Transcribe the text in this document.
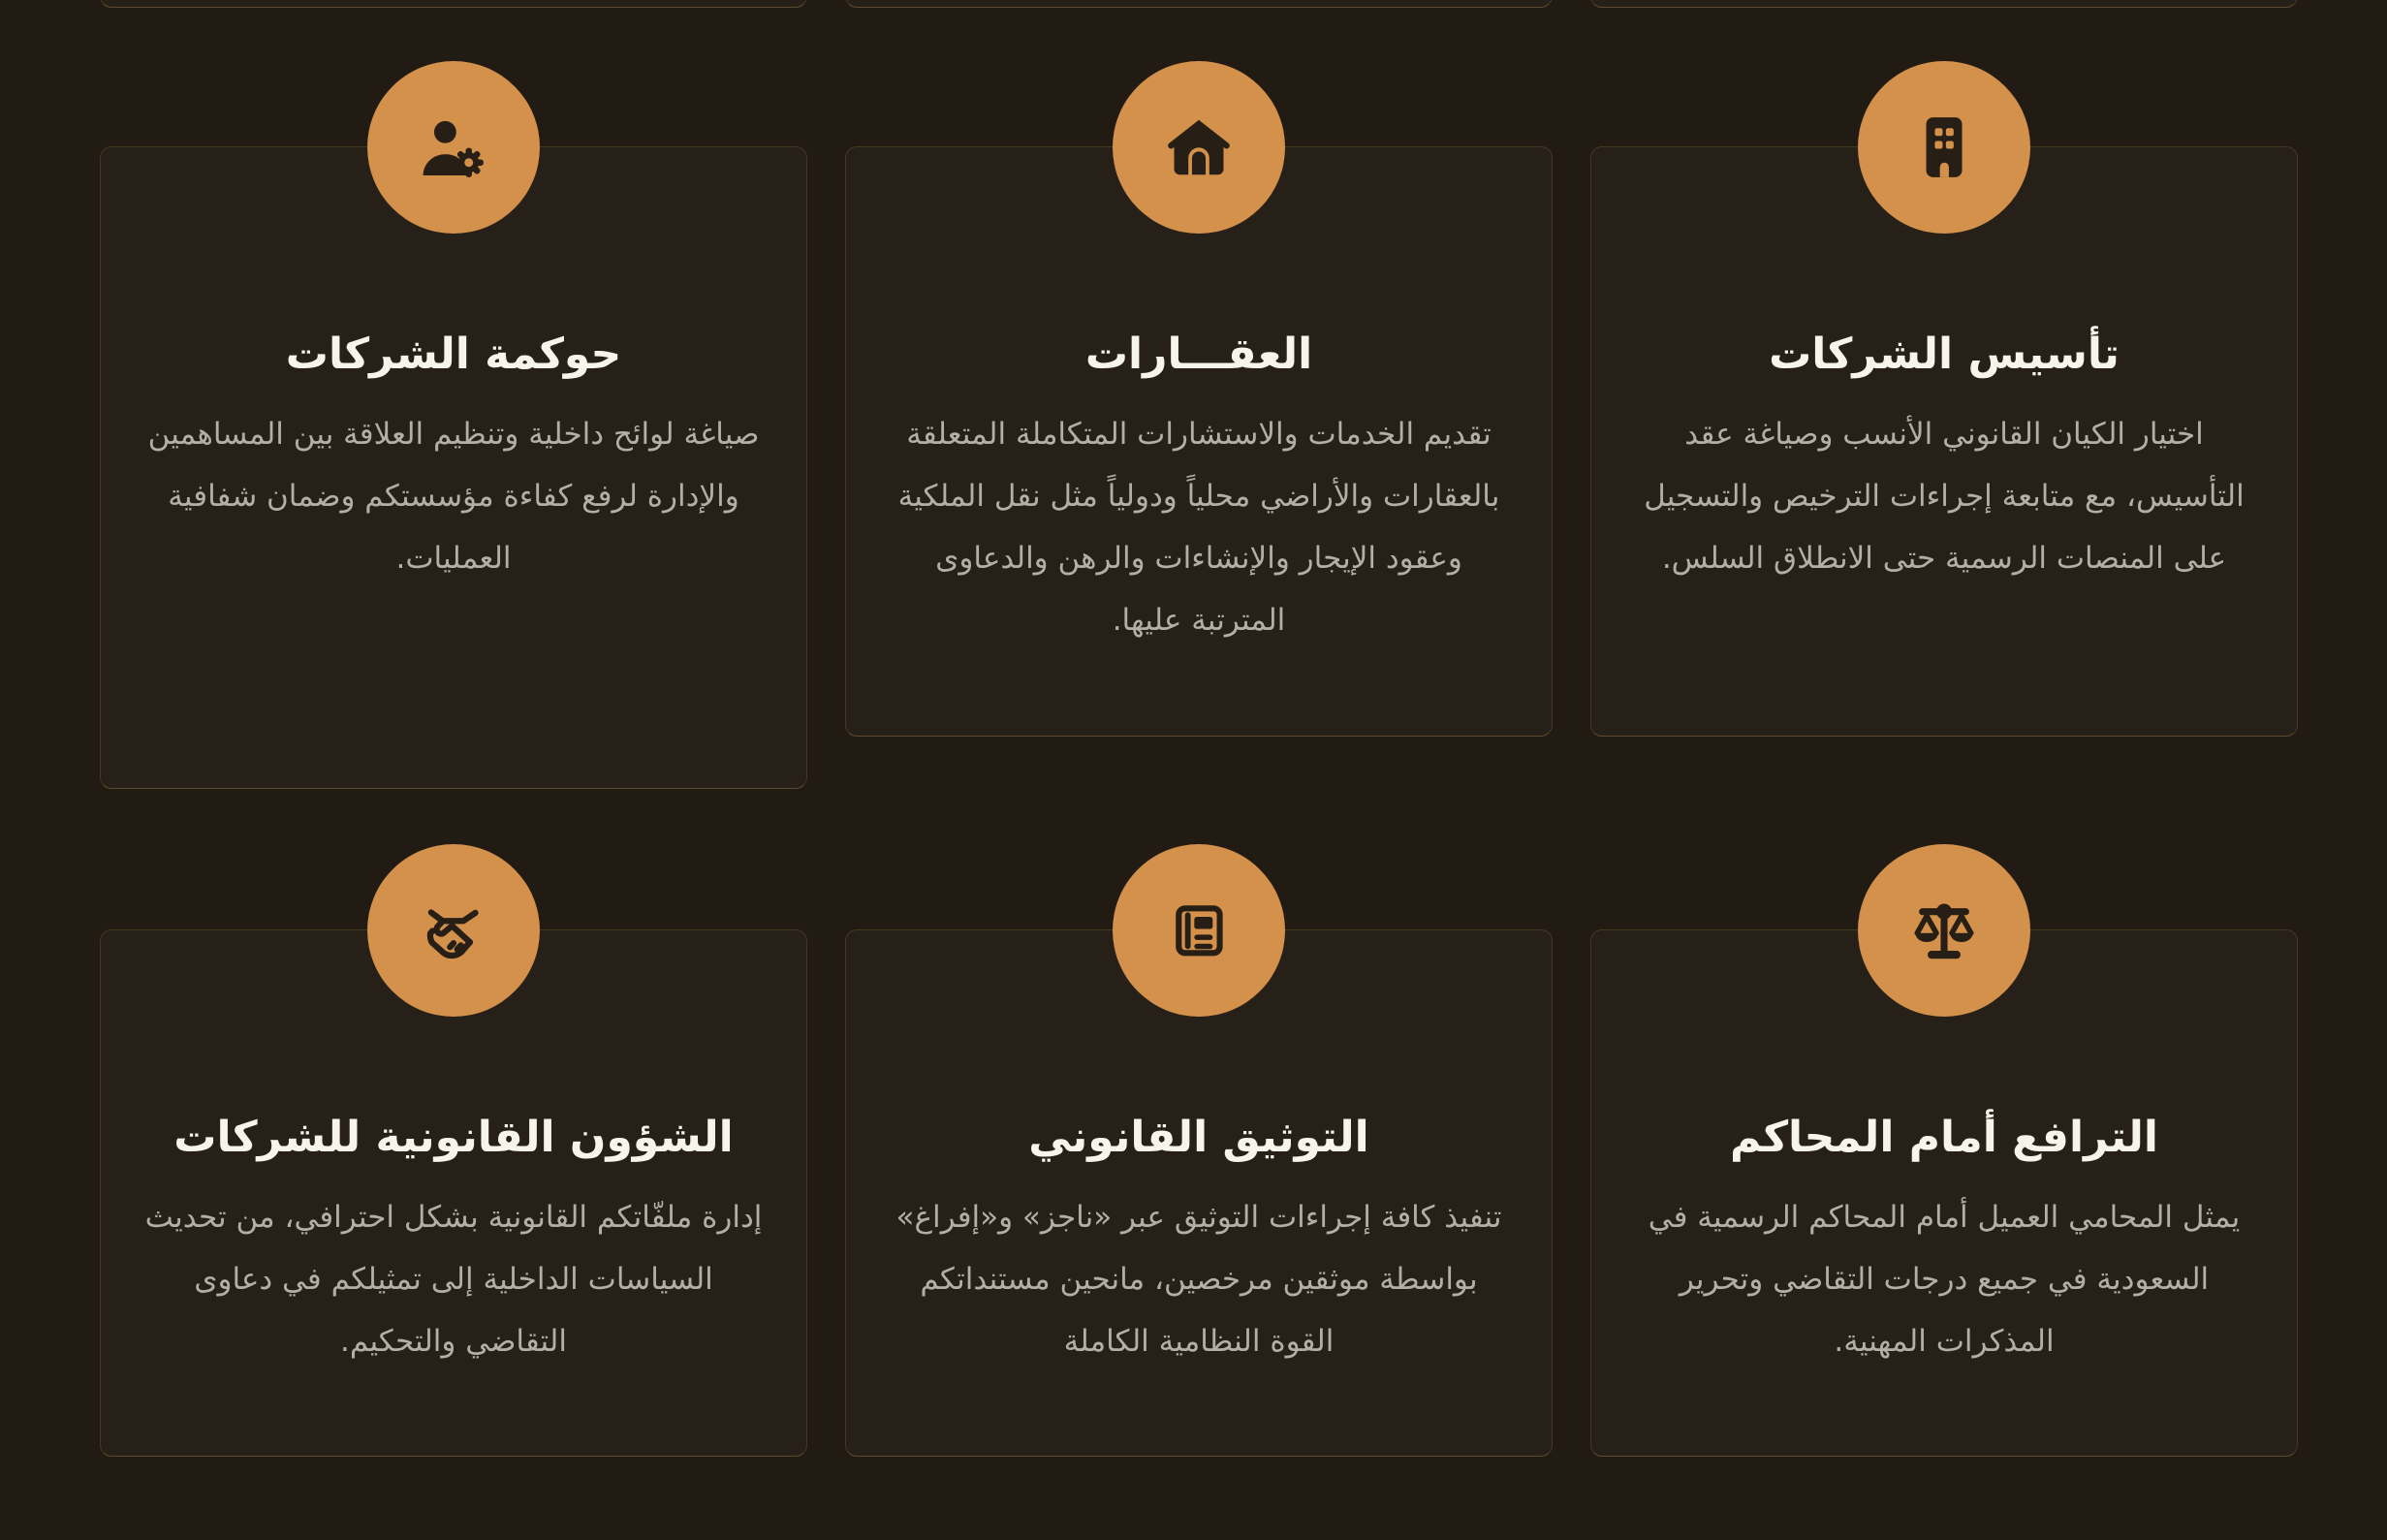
تأسيس الشركات

اختيار الكيان القانوني الأنسب وصياغة عقد التأسيس، مع متابعة إجراءات الترخيص والتسجيل على المنصات الرسمية حتى الانطلاق السلس.

العقـــارات

تقديم الخدمات والاستشارات المتكاملة المتعلقة بالعقارات والأراضي محلياً ودولياً مثل نقل الملكية وعقود الإيجار والإنشاءات والرهن والدعاوى المترتبة عليها.

حوكمة الشركات

صياغة لوائح داخلية وتنظيم العلاقة بين المساهمين والإدارة لرفع كفاءة مؤسستكم وضمان شفافية العمليات.

الترافع أمام المحاكم

يمثل المحامي العميل أمام المحاكم الرسمية في السعودية في جميع درجات التقاضي وتحرير المذكرات المهنية.

التوثيق القانوني

تنفيذ كافة إجراءات التوثيق عبر «ناجز» و«إفراغ» بواسطة موثقين مرخصين، مانحين مستنداتكم القوة النظامية الكاملة

الشؤون القانونية للشركات

إدارة ملفّاتكم القانونية بشكل احترافي، من تحديث السياسات الداخلية إلى تمثيلكم في دعاوى التقاضي والتحكيم.
